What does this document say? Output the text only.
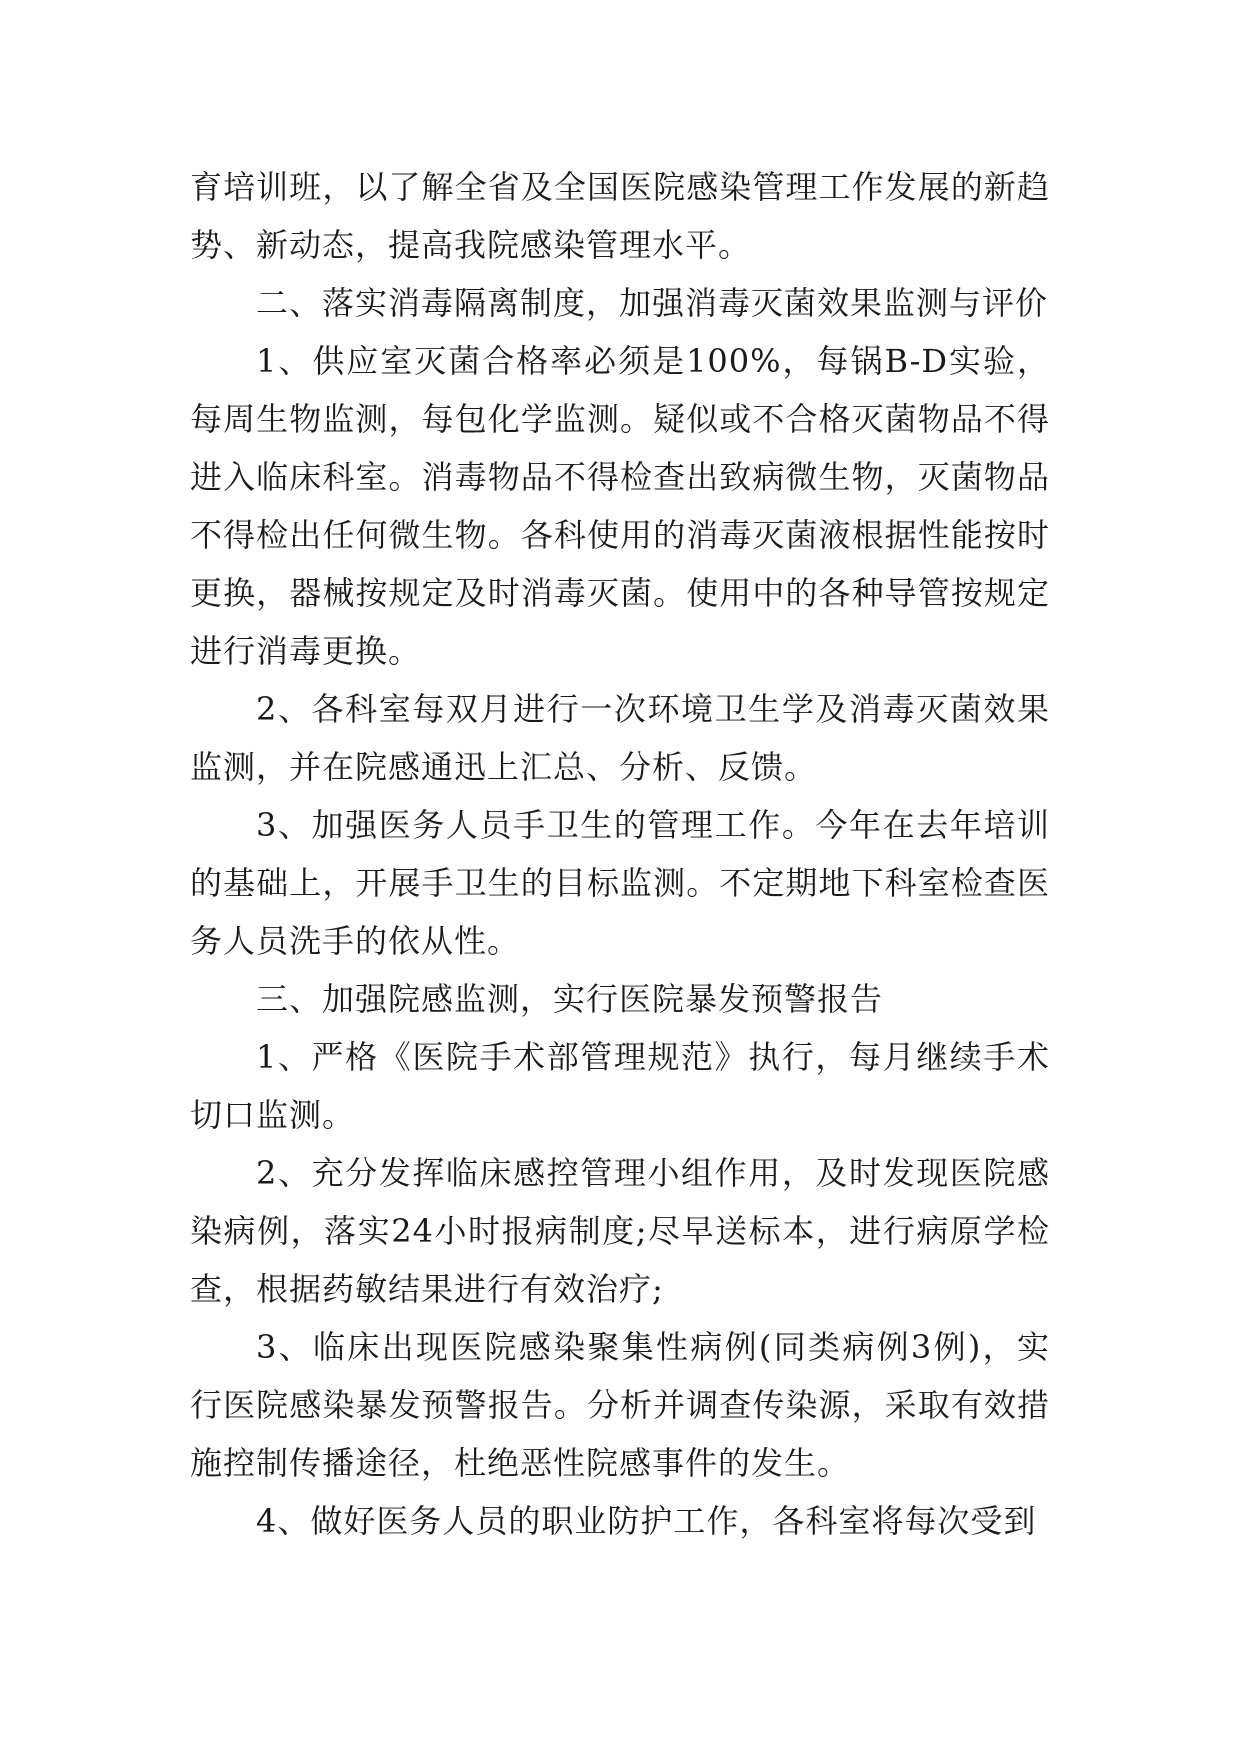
育培训班，以了解全省及全国医院感染管理工作发展的新趋势、新动态，提高我院感染管理水平。

二、落实消毒隔离制度，加强消毒灭菌效果监测与评价

1、供应室灭菌合格率必须是100%，每锅B-D实验，每周生物监测，每包化学监测。疑似或不合格灭菌物品不得进入临床科室。消毒物品不得检查出致病微生物，灭菌物品不得检出任何微生物。各科使用的消毒灭菌液根据性能按时更换，器械按规定及时消毒灭菌。使用中的各种导管按规定进行消毒更换。

2、各科室每双月进行一次环境卫生学及消毒灭菌效果监测，并在院感通迅上汇总、分析、反馈。

3、加强医务人员手卫生的管理工作。今年在去年培训的基础上，开展手卫生的目标监测。不定期地下科室检查医务人员洗手的依从性。

三、加强院感监测，实行医院暴发预警报告

1、严格《医院手术部管理规范》执行，每月继续手术切口监测。

2、充分发挥临床感控管理小组作用，及时发现医院感染病例，落实24小时报病制度;尽早送标本，进行病原学检查，根据药敏结果进行有效治疗;

3、临床出现医院感染聚集性病例(同类病例3例)，实行医院感染暴发预警报告。分析并调查传染源，采取有效措施控制传播途径，杜绝恶性院感事件的发生。

4、做好医务人员的职业防护工作，各科室将每次受到
